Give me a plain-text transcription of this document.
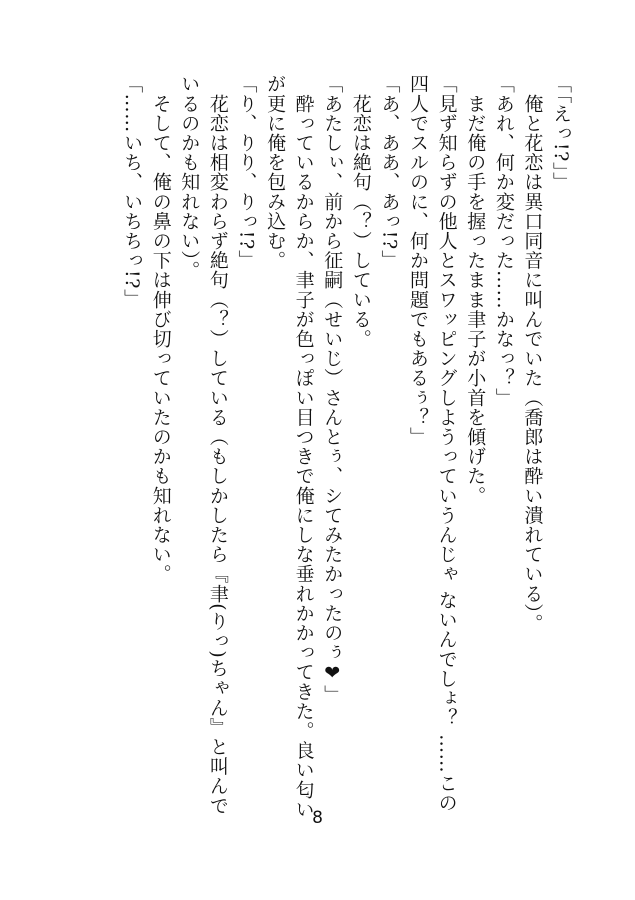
「「えっ!?」」
　俺と花恋は異口同音に叫んでいた（喬郎は酔い潰れている）。
「あれ、何か変だった……かなっ？」
　まだ俺の手を握ったまま聿子が小首を傾げた。
「見ず知らずの他人とスワッピングしようっていうんじゃ ないんでしょ？ ……この
四人でスルのに、何か問題でもあるぅ？」
「あ、ああ、あっ!?」
　花恋は絶句（？）している。
「あたしぃ、前から征嗣（せいじ）さんとぅ、シてみたかったのぅ❤」
　酔っているからか、聿子が色っぽい目つきで俺にしな垂れかかってきた。良い匂い
が更に俺を包み込む。
「り、りり、りっ!?」
　花恋は相変わらず絶句（？）している（もしかしたら『聿(りっ)ちゃん』と叫んで
いるのかも知れない）。
　そして、俺の鼻の下は伸び切っていたのかも知れない。
「……いち、いちちっ!?」
8
